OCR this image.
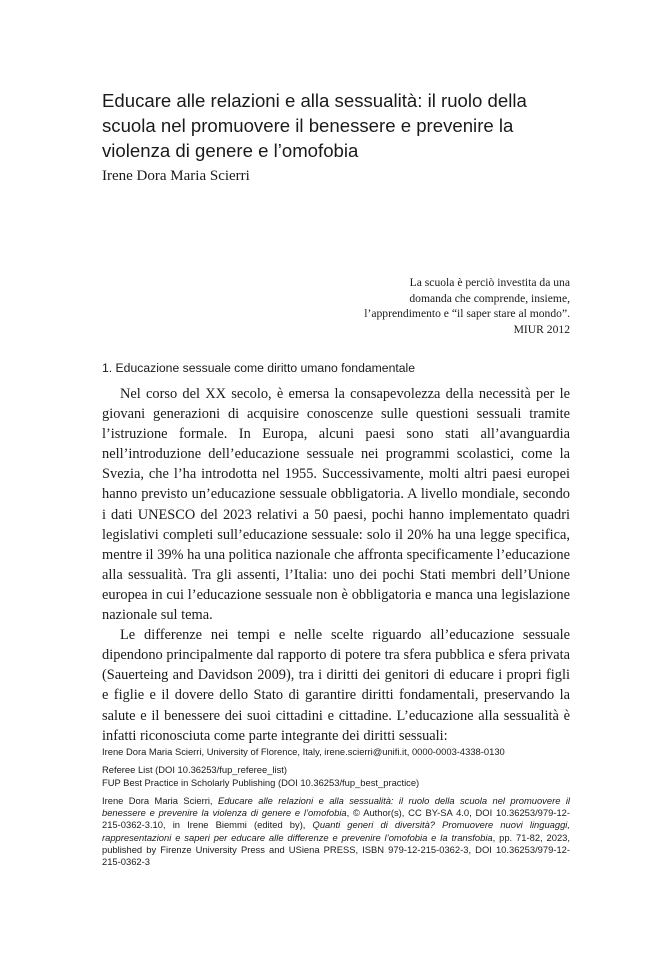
Educare alle relazioni e alla sessualità: il ruolo della scuola nel promuovere il benessere e prevenire la violenza di genere e l’omofobia

Irene Dora Maria Scierri

La scuola è perciò investita da una
domanda che comprende, insieme,
l’apprendimento e “il saper stare al mondo”.
MIUR 2012
1. Educazione sessuale come diritto umano fondamentale

Nel corso del XX secolo, è emersa la consapevolezza della necessità per le giovani generazioni di acquisire conoscenze sulle questioni sessuali tramite l’istruzione formale. In Europa, alcuni paesi sono stati all’avanguardia nell’introduzione dell’educazione sessuale nei programmi scolastici, come la Svezia, che l’ha introdotta nel 1955. Successivamente, molti altri paesi europei hanno previsto un’educazione sessuale obbligatoria. A livello mondiale, secondo i dati UNESCO del 2023 relativi a 50 paesi, pochi hanno implementato quadri legislativi completi sull’educazione sessuale: solo il 20% ha una legge specifica, mentre il 39% ha una politica nazionale che affronta specificamente l’educazione alla sessualità. Tra gli assenti, l’Italia: uno dei pochi Stati membri dell’Unione europea in cui l’educazione sessuale non è obbligatoria e manca una legislazione nazionale sul tema.

Le differenze nei tempi e nelle scelte riguardo all’educazione sessuale dipendono principalmente dal rapporto di potere tra sfera pubblica e sfera privata (Sauerteing and Davidson 2009), tra i diritti dei genitori di educare i propri figli e figlie e il dovere dello Stato di garantire diritti fondamentali, preservando la salute e il benessere dei suoi cittadini e cittadine. L’educazione alla sessualità è infatti riconosciuta come parte integrante dei diritti sessuali:

Irene Dora Maria Scierri, University of Florence, Italy, irene.scierri@unifi.it, 0000-0003-4338-0130

Referee List (DOI 10.36253/fup_referee_list)

FUP Best Practice in Scholarly Publishing (DOI 10.36253/fup_best_practice)

Irene Dora Maria Scierri, Educare alle relazioni e alla sessualità: il ruolo della scuola nel promuovere il benessere e prevenire la violenza di genere e l’omofobia, © Author(s), CC BY-SA 4.0, DOI 10.36253/979-12-215-0362-3.10, in Irene Biemmi (edited by), Quanti generi di diversità? Promuovere nuovi linguaggi, rappresentazioni e saperi per educare alle differenze e prevenire l’omofobia e la transfobia, pp. 71-82, 2023, published by Firenze University Press and USiena PRESS, ISBN 979-12-215-0362-3, DOI 10.36253/979-12-215-0362-3
